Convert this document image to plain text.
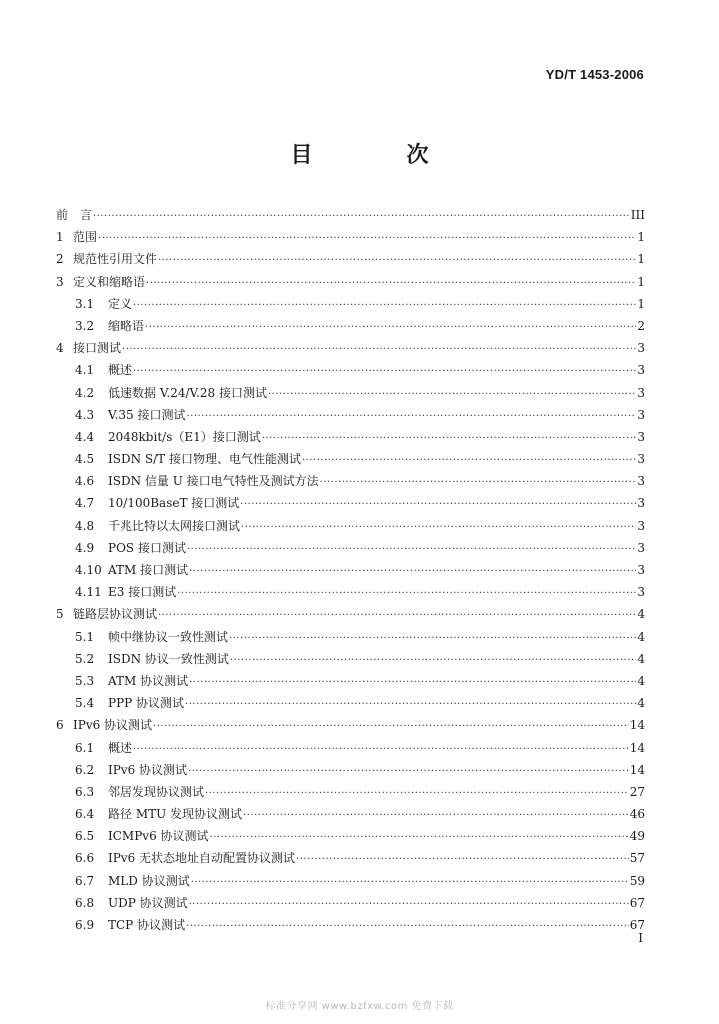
YD/T 1453-2006
目　次
前　言 ·····	III
1 范围 ·····	1
2 规范性引用文件 ·····	1
3 定义和缩略语 ·····	1
3.1	定义 ·····	1
3.2	缩略语 ·····	2
4 接口测试 ·····	3
4.1	概述 ·····	3
4.2	低速数据 V.24/V.28 接口测试 ·····	3
4.3	V.35 接口测试 ·····	3
4.4	2048kbit/s（E1）接口测试 ·····	3
4.5	ISDN S/T 接口物理、电气性能测试 ·····	3
4.6	ISDN 信量 U 接口电气特性及测试方法 ·····	3
4.7	10/100BaseT 接口测试 ·····	3
4.8	千兆比特以太网接口测试 ·····	3
4.9	POS 接口测试 ·····	3
4.10 ATM 接口测试 ·····	3
4.11 E3 接口测试 ·····	3
5 链路层协议测试 ·····	4
5.1	帧中继协议一致性测试 ·····	4
5.2	ISDN 协议一致性测试 ·····	4
5.3	ATM 协议测试 ·····	4
5.4	PPP 协议测试 ·····	4
6 IPv6 协议测试 ·····	14
6.1	概述 ·····	14
6.2	IPv6 协议测试 ·····	14
6.3	邻居发现协议测试 ·····	27
6.4	路径 MTU 发现协议测试 ·····	46
6.5	ICMPv6 协议测试 ·····	49
6.6	IPv6 无状态地址自动配置协议测试 ·····	57
6.7	MLD 协议测试 ·····	59
6.8	UDP 协议测试 ·····	67
6.9	TCP 协议测试 ·····	67
I
标准分享网 www.bzfxw.com 免费下载
